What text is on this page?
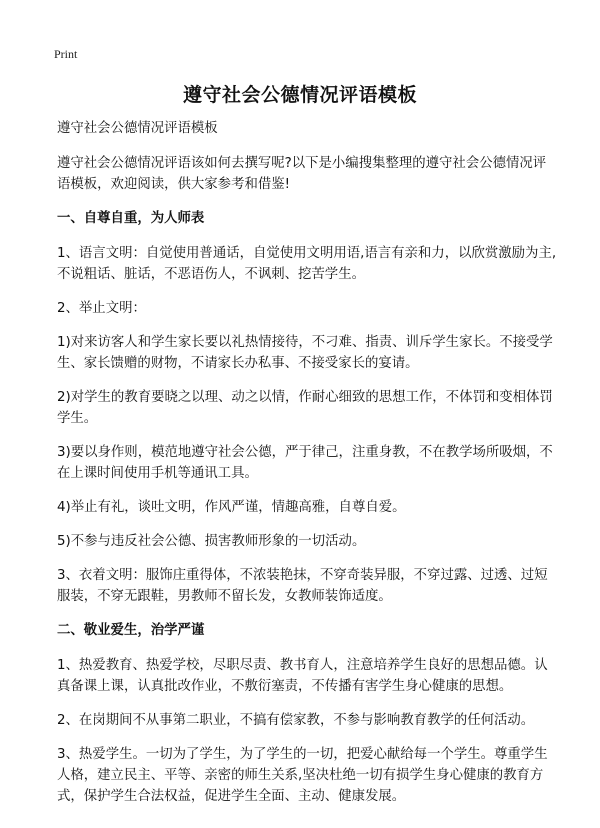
Print
遵守社会公德情况评语模板

遵守社会公德情况评语模板

遵守社会公德情况评语该如何去撰写呢?以下是小编搜集整理的遵守社会公德情况评语模板，欢迎阅读，供大家参考和借鉴!

一、自尊自重，为人师表

1、语言文明：自觉使用普通话，自觉使用文明用语,语言有亲和力，以欣赏激励为主,不说粗话、脏话，不恶语伤人，不讽刺、挖苦学生。

2、举止文明：

1)对来访客人和学生家长要以礼热情接待，不刁难、指责、训斥学生家长。不接受学生、家长馈赠的财物，不请家长办私事、不接受家长的宴请。

2)对学生的教育要晓之以理、动之以情，作耐心细致的思想工作，不体罚和变相体罚学生。

3)要以身作则，模范地遵守社会公德，严于律己，注重身教，不在教学场所吸烟，不在上课时间使用手机等通讯工具。

4)举止有礼，谈吐文明，作风严谨，情趣高雅，自尊自爱。

5)不参与违反社会公德、损害教师形象的一切活动。

3、衣着文明：服饰庄重得体，不浓装艳抹，不穿奇装异服，不穿过露、过透、过短服装，不穿无跟鞋，男教师不留长发，女教师装饰适度。

二、敬业爱生，治学严谨

1、热爱教育、热爱学校，尽职尽责、教书育人，注意培养学生良好的思想品德。认真备课上课，认真批改作业，不敷衍塞责，不传播有害学生身心健康的思想。

2、在岗期间不从事第二职业，不搞有偿家教，不参与影响教育教学的任何活动。

3、热爱学生。一切为了学生，为了学生的一切，把爱心献给每一个学生。尊重学生人格，建立民主、平等、亲密的师生关系,坚决杜绝一切有损学生身心健康的教育方式，保护学生合法权益，促进学生全面、主动、健康发展。
